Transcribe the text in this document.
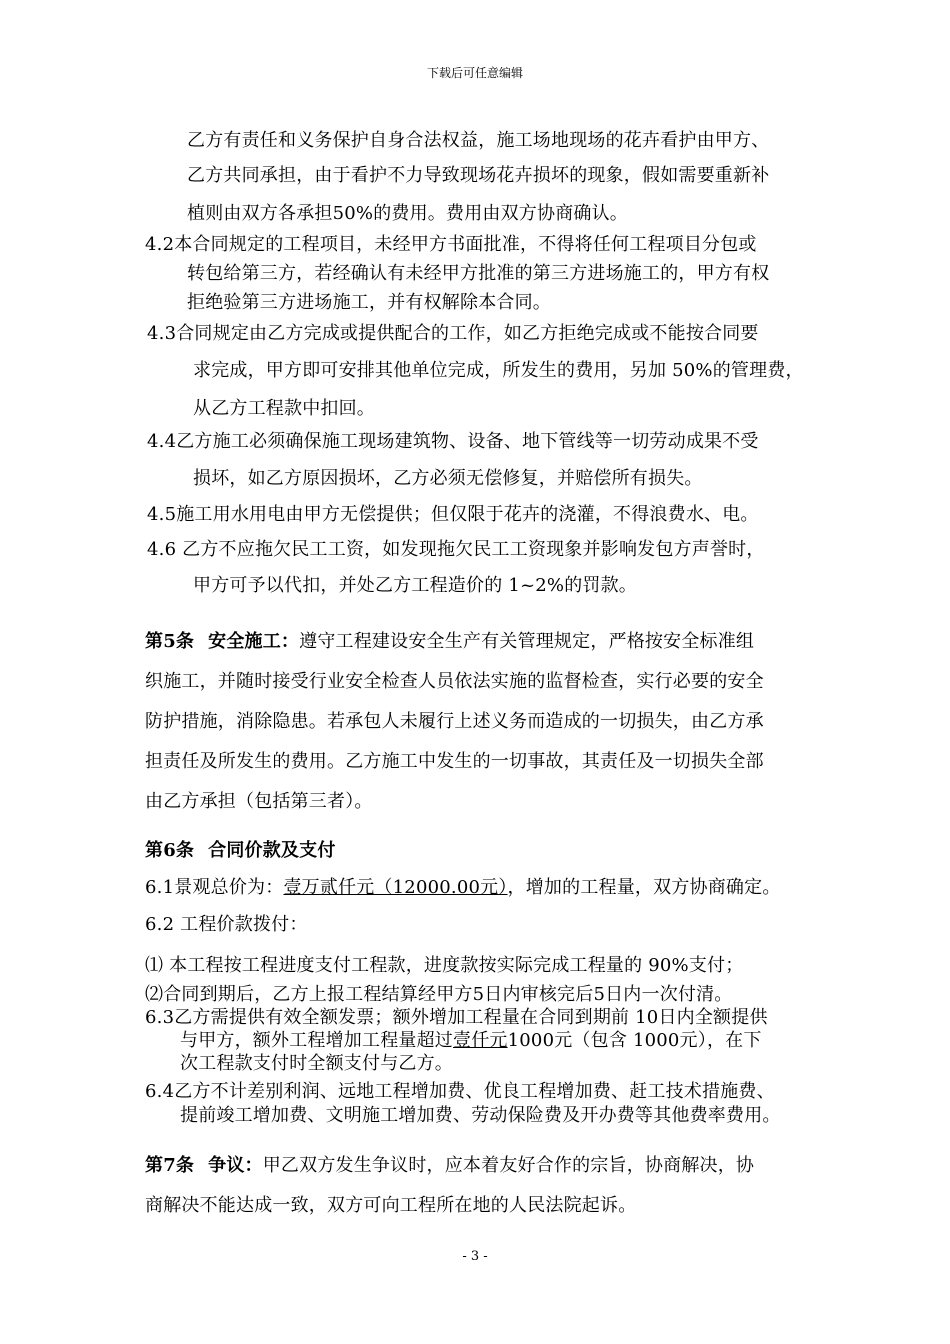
下载后可任意编辑
乙方有责任和义务保护自身合法权益，施工场地现场的花卉看护由甲方、
乙方共同承担，由于看护不力导致现场花卉损坏的现象，假如需要重新补
植则由双方各承担50%的费用。费用由双方协商确认。
4.2本合同规定的工程项目，未经甲方书面批准，不得将任何工程项目分包或
转包给第三方，若经确认有未经甲方批准的第三方进场施工的，甲方有权
拒绝验第三方进场施工，并有权解除本合同。
4.3合同规定由乙方完成或提供配合的工作，如乙方拒绝完成或不能按合同要
求完成，甲方即可安排其他单位完成，所发生的费用，另加 50%的管理费，
从乙方工程款中扣回。
4.4乙方施工必须确保施工现场建筑物、设备、地下管线等一切劳动成果不受
损坏，如乙方原因损坏，乙方必须无偿修复，并赔偿所有损失。
4.5施工用水用电由甲方无偿提供；但仅限于花卉的浇灌，不得浪费水、电。
4.6 乙方不应拖欠民工工资，如发现拖欠民工工资现象并影响发包方声誉时，
甲方可予以代扣，并处乙方工程造价的 1~2%的罚款。
第5条 安全施工：遵守工程建设安全生产有关管理规定，严格按安全标准组
织施工，并随时接受行业安全检查人员依法实施的监督检查，实行必要的安全
防护措施，消除隐患。若承包人未履行上述义务而造成的一切损失，由乙方承
担责任及所发生的费用。乙方施工中发生的一切事故，其责任及一切损失全部
由乙方承担（包括第三者）。
第6条 合同价款及支付
6.1景观总价为：壹万贰仟元（12000.00元），增加的工程量，双方协商确定。
6.2 工程价款拨付：
⑴ 本工程按工程进度支付工程款，进度款按实际完成工程量的 90%支付；
⑵合同到期后，乙方上报工程结算经甲方5日内审核完后5日内一次付清。
6.3乙方需提供有效全额发票；额外增加工程量在合同到期前 10日内全额提供
与甲方，额外工程增加工程量超过壹仟元1000元（包含 1000元），在下
次工程款支付时全额支付与乙方。
6.4乙方不计差别利润、远地工程增加费、优良工程增加费、赶工技术措施费、
提前竣工增加费、文明施工增加费、劳动保险费及开办费等其他费率费用。
第7条 争议：甲乙双方发生争议时，应本着友好合作的宗旨，协商解决，协
商解决不能达成一致，双方可向工程所在地的人民法院起诉。
- 3 -
